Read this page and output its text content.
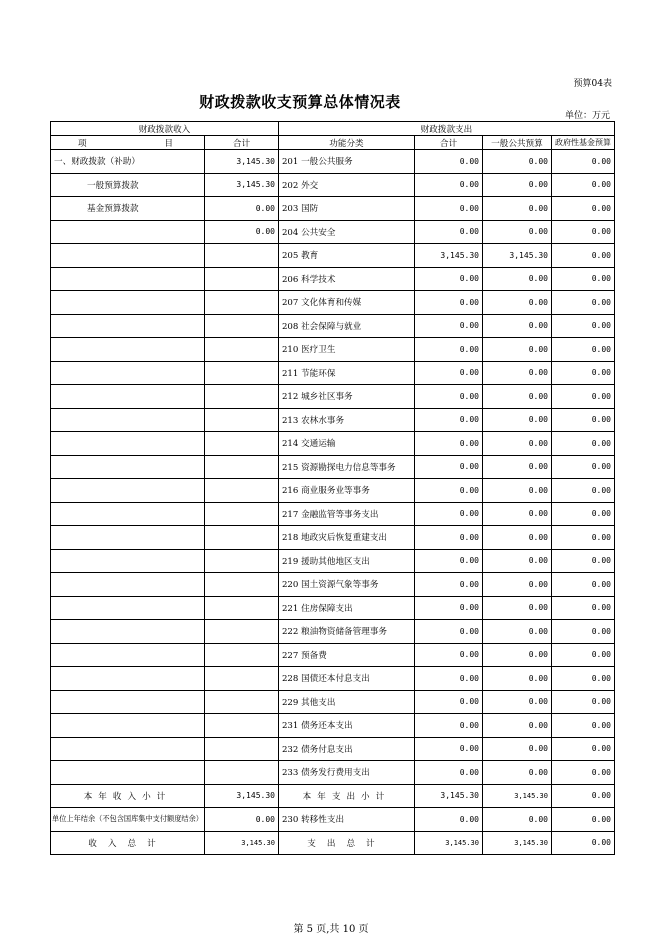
预算04表
财政拨款收支预算总体情况表
单位：万元
财政拨款收入		财政拨款支出			

项 目	合计	功能分类	合计	一般公共预算	政府性基金预算
一、财政拨款（补助）	3,145.30	201 一般公共服务	0.00	0.00	0.00
一般预算拨款	3,145.30	202 外交	0.00	0.00	0.00
基金预算拨款	0.00	203 国防	0.00	0.00	0.00
	0.00	204 公共安全	0.00	0.00	0.00
		205 教育	3,145.30	3,145.30	0.00
		206 科学技术	0.00	0.00	0.00
		207 文化体育和传媒	0.00	0.00	0.00
		208 社会保障与就业	0.00	0.00	0.00
		210 医疗卫生	0.00	0.00	0.00
		211 节能环保	0.00	0.00	0.00
		212 城乡社区事务	0.00	0.00	0.00
		213 农林水事务	0.00	0.00	0.00
		214 交通运输	0.00	0.00	0.00
		215 资源勘探电力信息等事务	0.00	0.00	0.00
		216 商业服务业等事务	0.00	0.00	0.00
		217 金融监管等事务支出	0.00	0.00	0.00
		218 地政灾后恢复重建支出	0.00	0.00	0.00
		219 援助其他地区支出	0.00	0.00	0.00
		220 国土资源气象等事务	0.00	0.00	0.00
		221 住房保障支出	0.00	0.00	0.00
		222 粮油物资储备管理事务	0.00	0.00	0.00
		227 预备费	0.00	0.00	0.00
		228 国债还本付息支出	0.00	0.00	0.00
		229 其他支出	0.00	0.00	0.00
		231 债务还本支出	0.00	0.00	0.00
		232 债务付息支出	0.00	0.00	0.00
		233 债务发行费用支出	0.00	0.00	0.00
本年收入小计	3,145.30	本年支出小计	3,145.30	3,145.30	0.00
单位上年结余（不包含国库集中支付额度结余）	0.00	230 转移性支出	0.00	0.00	0.00
收入总计	3,145.30	支出总计	3,145.30	3,145.30	0.00
第 5 页,共 10 页
